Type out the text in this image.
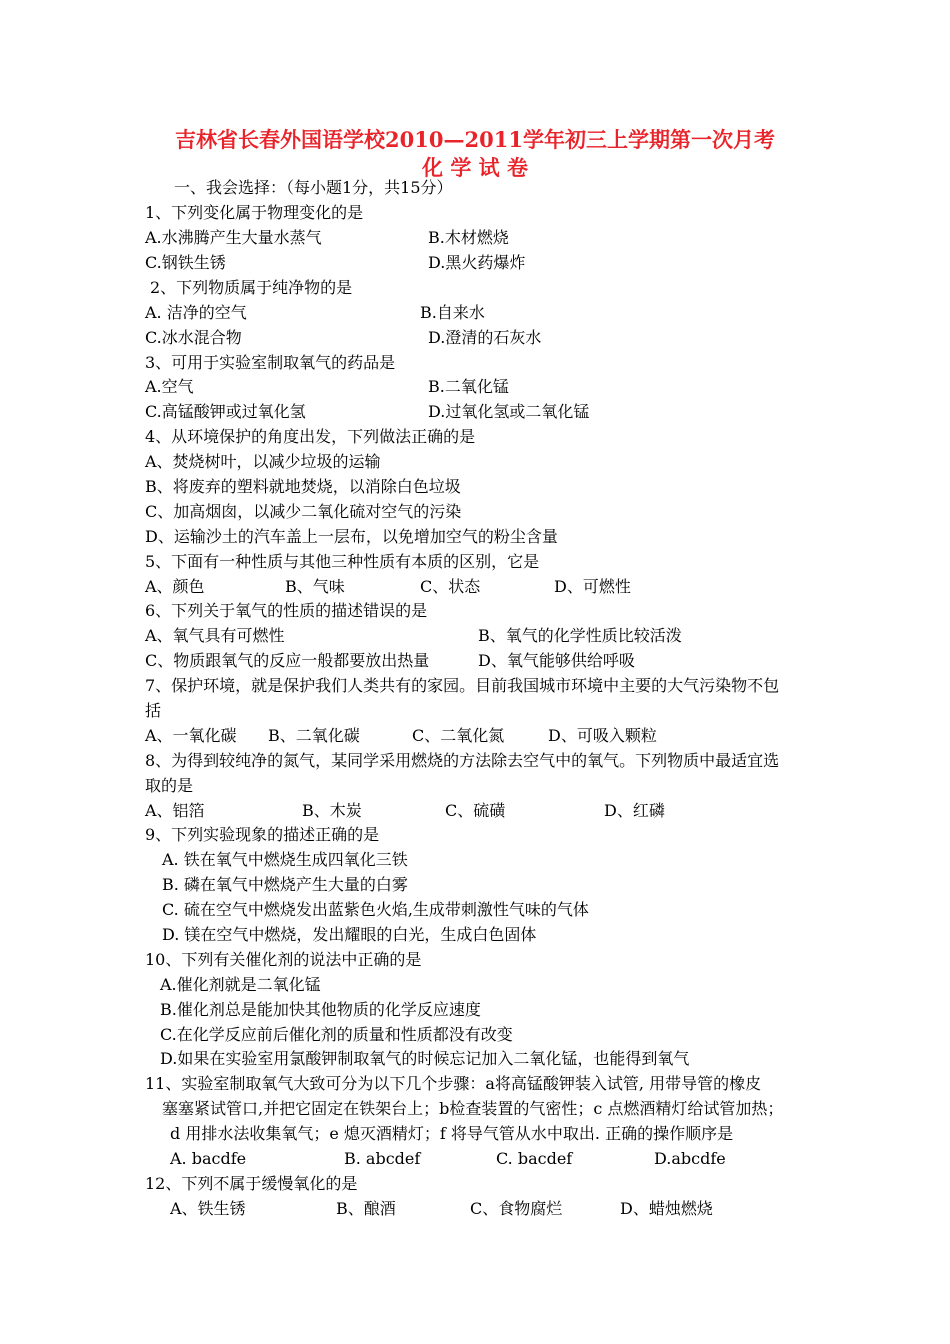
吉林省长春外国语学校2010—2011学年初三上学期第一次月考
化 学 试 卷
一、我会选择：（每小题1分，共15分）
1、下列变化属于物理变化的是
A.水沸腾产生大量水蒸气	B.木材燃烧
C.钢铁生锈	D.黑火药爆炸
2、下列物质属于纯净物的是
A. 洁净的空气	B.自来水
C.冰水混合物	D.澄清的石灰水
3、可用于实验室制取氧气的药品是
A.空气	B.二氧化锰
C.高锰酸钾或过氧化氢	D.过氧化氢或二氧化锰
4、从环境保护的角度出发，下列做法正确的是
A、焚烧树叶，以减少垃圾的运输
B、将废弃的塑料就地焚烧，以消除白色垃圾
C、加高烟囱，以减少二氧化硫对空气的污染
D、运输沙土的汽车盖上一层布，以免增加空气的粉尘含量
5、下面有一种性质与其他三种性质有本质的区别，它是
A、颜色	B、气味	C、状态	D、可燃性
6、下列关于氧气的性质的描述错误的是
A、氧气具有可燃性	B、氧气的化学性质比较活泼
C、物质跟氧气的反应一般都要放出热量	D、氧气能够供给呼吸
7、保护环境，就是保护我们人类共有的家园。目前我国城市环境中主要的大气污染物不包
括
A、一氧化碳 B、二氧化碳	C、二氧化氮	D、可吸入颗粒
8、为得到较纯净的氮气，某同学采用燃烧的方法除去空气中的氧气。下列物质中最适宜选
取的是
A、铝箔	B、木炭	C、硫磺	D、红磷
9、下列实验现象的描述正确的是
A. 铁在氧气中燃烧生成四氧化三铁
B. 磷在氧气中燃烧产生大量的白雾
C. 硫在空气中燃烧发出蓝紫色火焰,生成带刺激性气味的气体
D. 镁在空气中燃烧，发出耀眼的白光，生成白色固体
10、下列有关催化剂的说法中正确的是
A.催化剂就是二氧化锰
B.催化剂总是能加快其他物质的化学反应速度
C.在化学反应前后催化剂的质量和性质都没有改变
D.如果在实验室用氯酸钾制取氧气的时候忘记加入二氧化锰，也能得到氧气
11、实验室制取氧气大致可分为以下几个步骤：a将高锰酸钾装入试管, 用带导管的橡皮
塞塞紧试管口,并把它固定在铁架台上；b检查装置的气密性；c 点燃酒精灯给试管加热；
d 用排水法收集氧气；e 熄灭酒精灯；f 将导气管从水中取出. 正确的操作顺序是
A. bacdfe	B. abcdef	C. bacdef	D.abcdfe
12、下列不属于缓慢氧化的是
A、铁生锈	B、酿酒	C、食物腐烂	D、蜡烛燃烧
